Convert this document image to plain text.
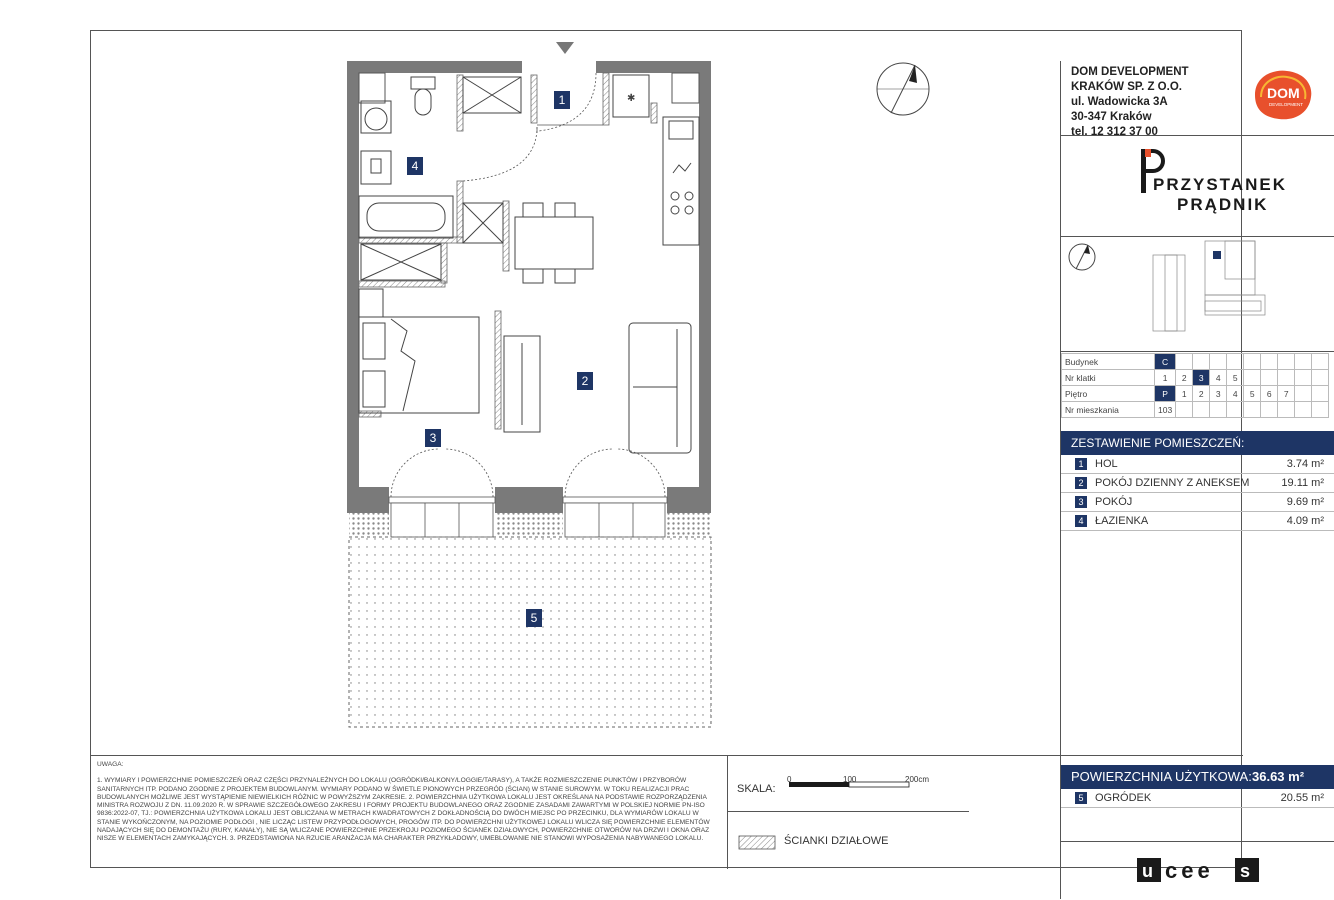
✱
1
2
3
4
5
UWAGA:
1. WYMIARY I POWIERZCHNIE POMIESZCZEŃ ORAZ CZĘŚCI PRZYNALEŻNYCH DO LOKALU (OGRÓDKI/BALKONY/LOGGIE/TARASY), A TAKŻE ROZMIESZCZENIE PUNKTÓW I PRZYBORÓW SANITARNYCH ITP. PODANO ZGODNIE Z PROJEKTEM BUDOWLANYM. WYMIARY PODANO W ŚWIETLE PIONOWYCH PRZEGRÓD (ŚCIAN) W STANIE SUROWYM. W TOKU REALIZACJI PRAC BUDOWLANYCH MOŻLIWE JEST WYSTĄPIENIE NIEWIELKICH RÓŻNIC W POWYŻSZYM ZAKRESIE. 2. POWIERZCHNIA UŻYTKOWA LOKALU JEST OKREŚLANA NA PODSTAWIE ROZPORZĄDZENIA MINISTRA ROZWOJU Z DN. 11.09.2020 R. W SPRAWIE SZCZEGÓŁOWEGO ZAKRESU I FORMY PROJEKTU BUDOWLANEGO ORAZ ZGODNIE ZASADAMI ZAWARTYMI W POLSKIEJ NORMIE PN-ISO 9836:2022-07, TJ.: POWIERZCHNIA UŻYTKOWA LOKALU JEST OBLICZANA W METRACH KWADRATOWYCH Z DOKŁADNOŚCIĄ DO DWÓCH MIEJSC PO PRZECINKU, DLA WYMIARÓW LOKALU W STANIE WYKOŃCZONYM, NA POZIOMIE PODŁOGI , NIE LICZĄC LISTEW PRZYPODŁOGOWYCH, PROGÓW ITP. DO POWIERZCHNI UŻYTKOWEJ LOKALU WLICZA SIĘ POWIERZCHNIE ELEMENTÓW NADAJĄCYCH SIĘ DO DEMONTAŻU (RURY, KANAŁY), NIE SĄ WLICZANE POWIERZCHNIE PRZEKROJU POZIOMEGO ŚCIANEK DZIAŁOWYCH, POWIERZCHNIE OTWORÓW NA DRZWI I OKNA ORAZ NISZE W ELEMENTACH ZAMYKAJĄCYCH. 3. PRZEDSTAWIONA NA RZUCIE ARANŻACJA MA CHARAKTER PRZYKŁADOWY, UMEBLOWANIE NIE STANOWI WYPOSAŻENIA NABYWANEGO LOKALU.
SKALA:
0	100	200cm
ŚCIANKI DZIAŁOWE
DOM DEVELOPMENT
KRAKÓW SP. Z O.O.
ul. Wadowicka 3A
30-347 Kraków
tel. 12 312 37 00
DOM
DEVELOPMENT
PRZYSTANEK
PRĄDNIK
Budynek	C									
Nr klatki	1	2	3	4	5					
Piętro	P	1	2	3	4	5	6	7		
Nr mieszkania	103									
ZESTAWIENIE POMIESZCZEŃ:
1	HOL	3.74 m²
2	POKÓJ DZIENNY Z ANEKSEM	19.11 m²
3	POKÓJ	9.69 m²
4	ŁAZIENKA	4.09 m²
POWIERZCHNIA UŻYTKOWA: 36.63 m²
5	OGRÓDEK	20.55 m²
u cee s
